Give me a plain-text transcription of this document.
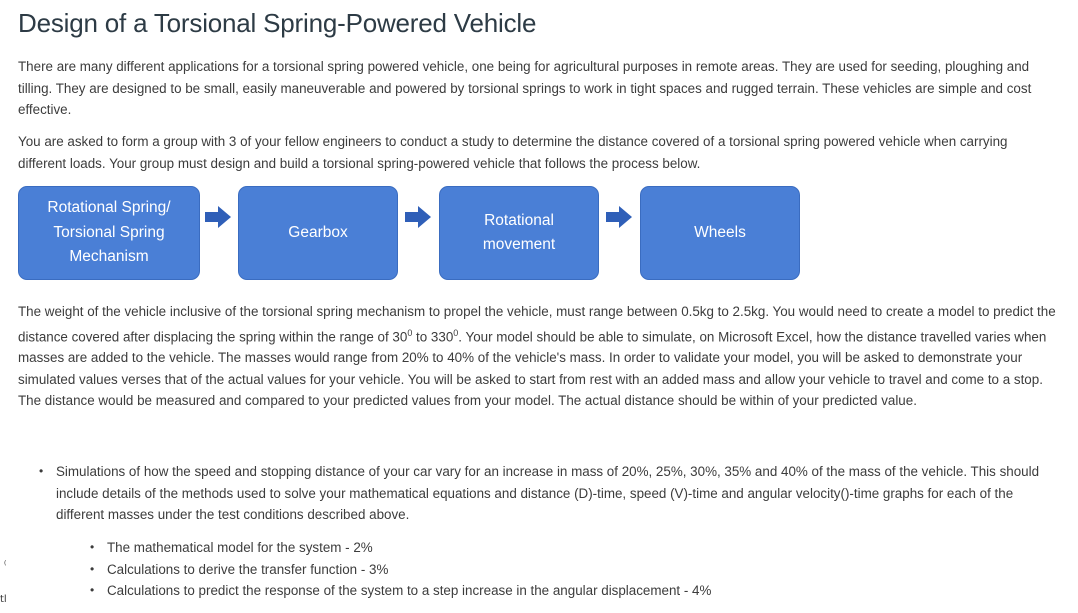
Design of a Torsional Spring-Powered Vehicle

There are many different applications for a torsional spring powered vehicle, one being for agricultural purposes in remote areas. They are used for seeding, ploughing and tilling. They are designed to be small, easily maneuverable and powered by torsional springs to work in tight spaces and rugged terrain. These vehicles are simple and cost effective.

You are asked to form a group with 3 of your fellow engineers to conduct a study to determine the distance covered of a torsional spring powered vehicle when carrying different loads. Your group must design and build a torsional spring-powered vehicle that follows the process below.

Rotational Spring/
Torsional Spring
Mechanism
Gearbox
Rotational
movement
Wheels

The weight of the vehicle inclusive of the torsional spring mechanism to propel the vehicle, must range between 0.5kg to 2.5kg. You would need to create a model to predict the distance covered after displacing the spring within the range of $30^0$ to $330^0$. Your model should be able to simulate, on Microsoft Excel, how the distance travelled varies when masses are added to the vehicle. The masses would range from 20% to 40% of the vehicle's mass. In order to validate your model, you will be asked to demonstrate your simulated values verses that of the actual values for your vehicle. You will be asked to start from rest with an added mass and allow your vehicle to travel and come to a stop. The distance would be measured and compared to your predicted values from your model. The actual distance should be within of your predicted value.

• Simulations of how the speed and stopping distance of your car vary for an increase in mass of 20%, 25%, 30%, 35% and 40% of the mass of the vehicle. This should include details of the methods used to solve your mathematical equations and distance (D)-time, speed (V)-time and angular velocity()-time graphs for each of the different masses under the test conditions described above.
• The mathematical model for the system - 2%
• Calculations to derive the transfer function - 3%
• Calculations to predict the response of the system to a step increase in the angular displacement - 4%
(
tl
